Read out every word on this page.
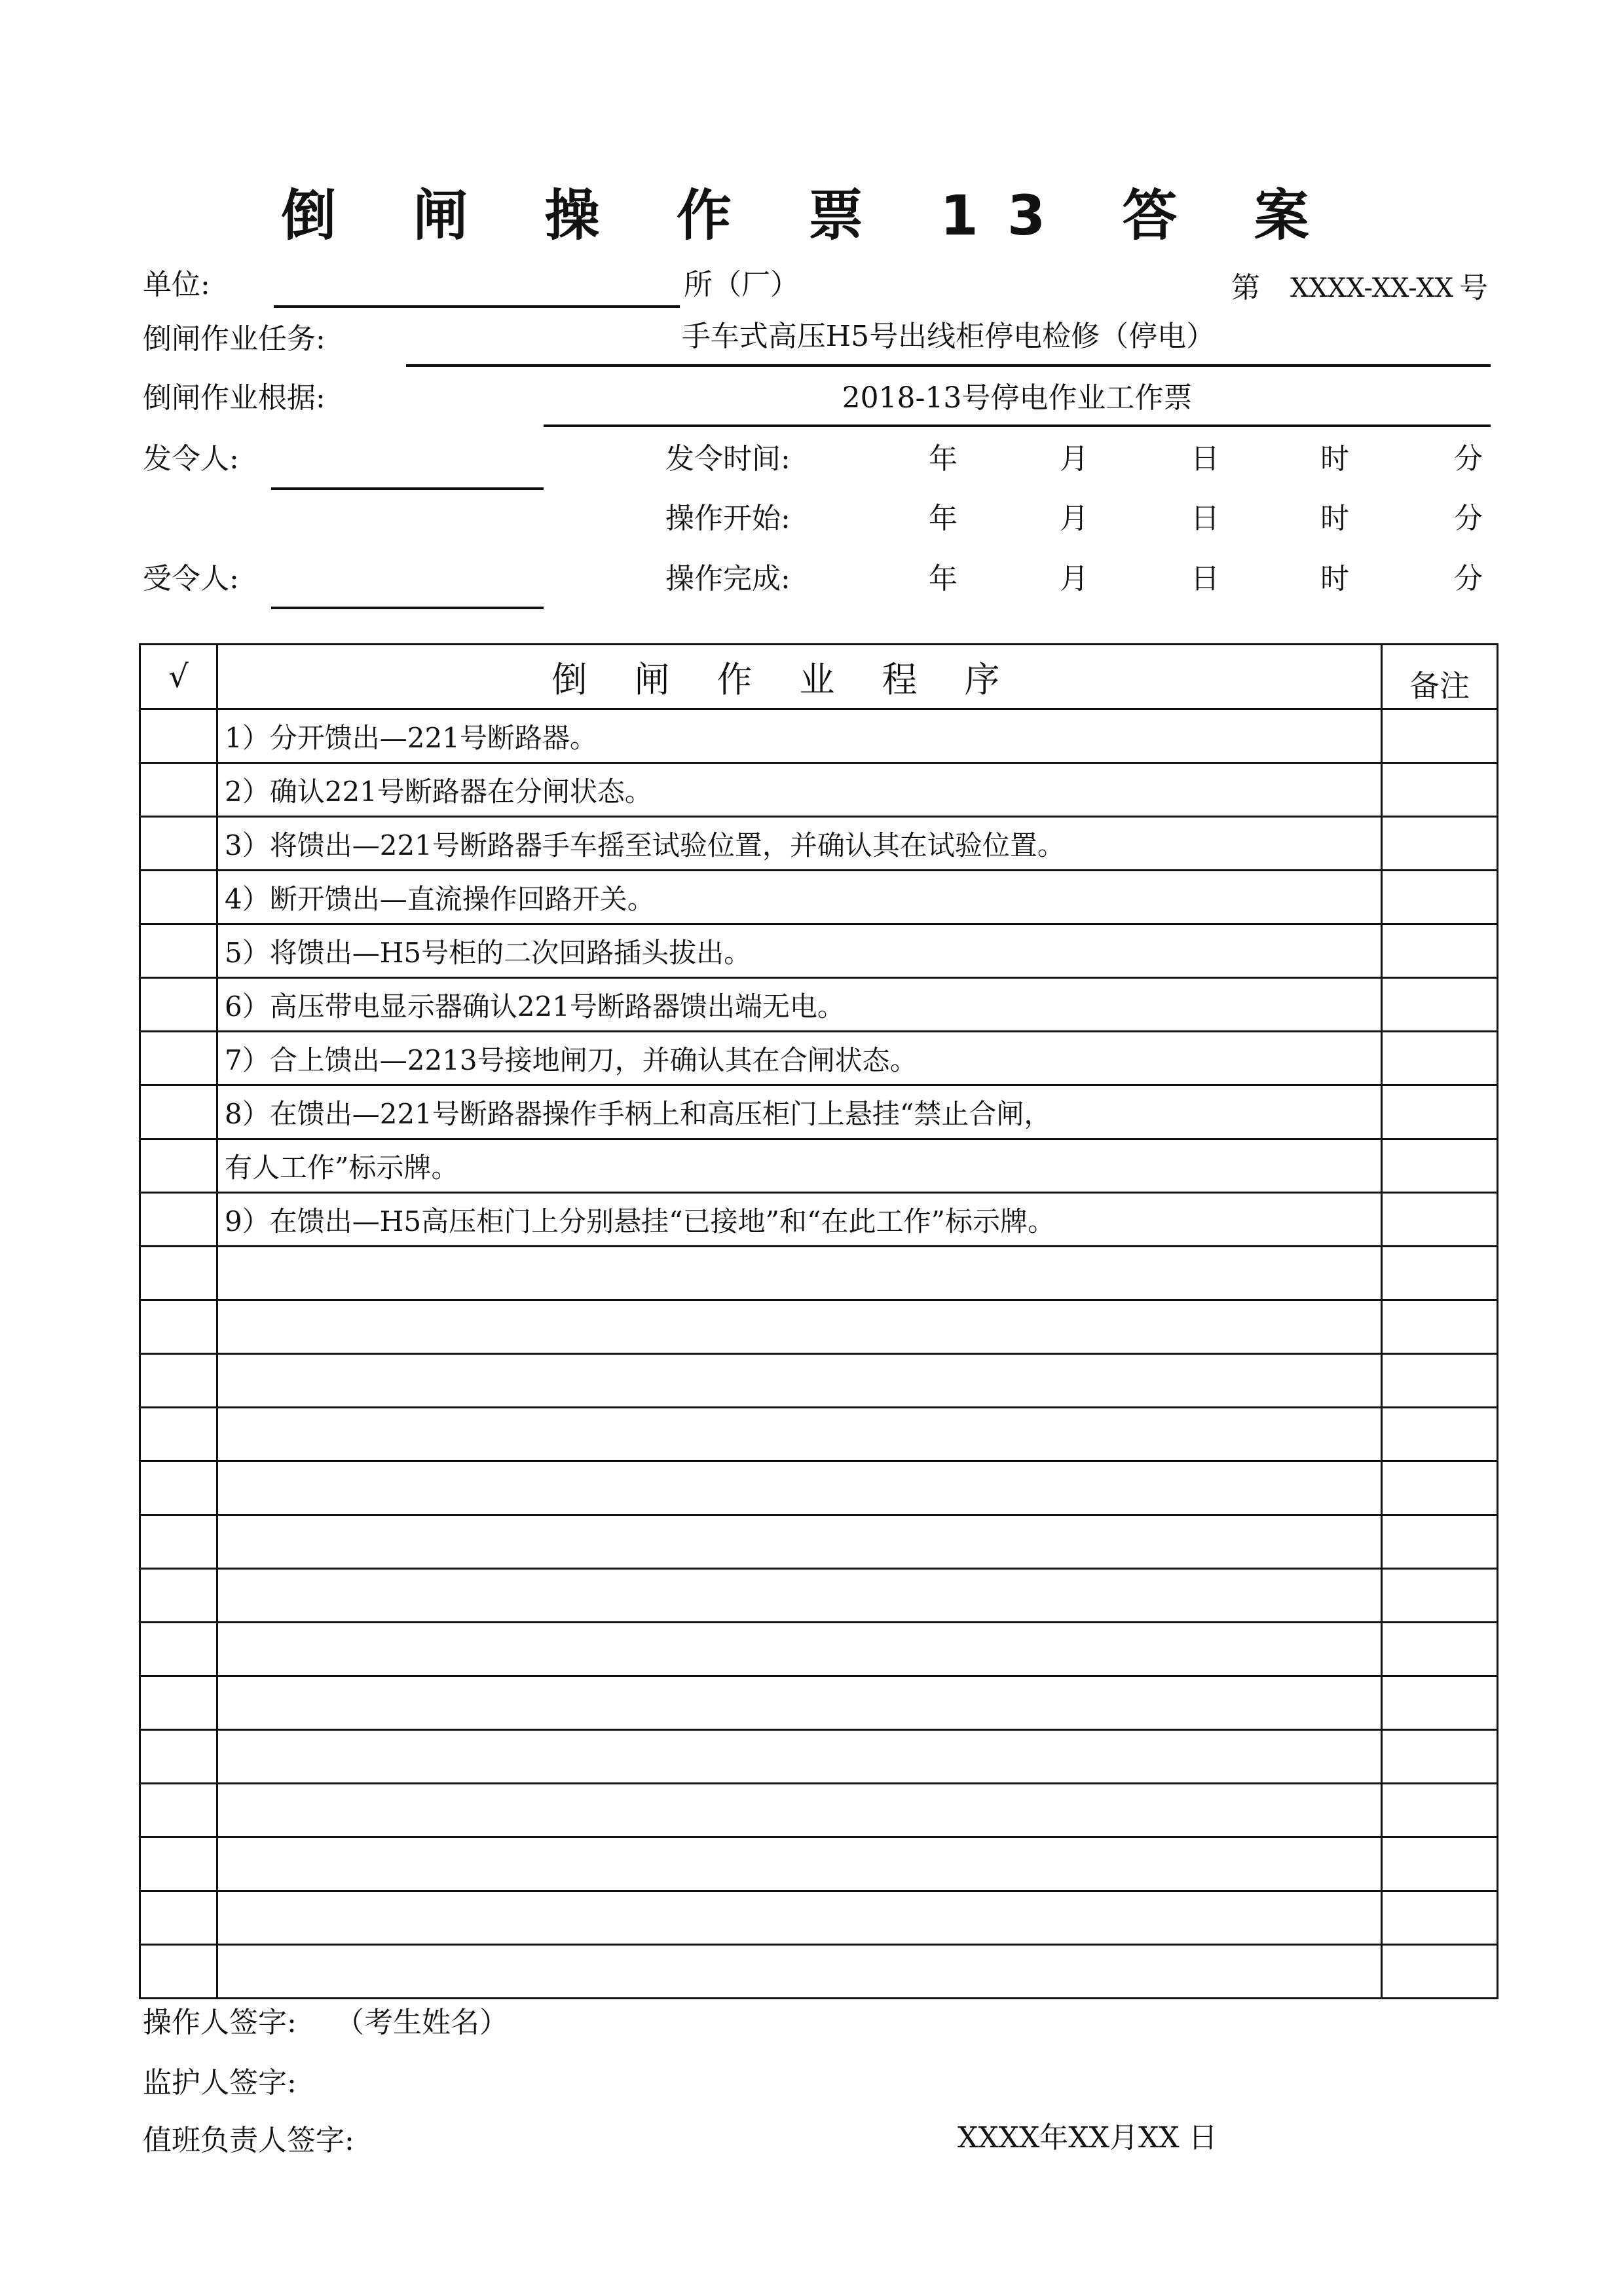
倒 闸 操 作 票 13 答 案
单位:	所（厂）	第 XXXX-XX-XX 号
倒闸作业任务:	手车式高压H5号出线柜停电检修（停电）
倒闸作业根据:	2018-13号停电作业工作票
发令人:
受令人:
发令时间:	年	月	日	时	分
操作开始:	年	月	日	时	分
操作完成:	年	月	日	时	分
√	倒闸作业程序	备注
	1）分开馈出—221号断路器。	
	2）确认221号断路器在分闸状态。	
	3）将馈出—221号断路器手车摇至试验位置，并确认其在试验位置。	
	4）断开馈出—直流操作回路开关。	
	5）将馈出—H5号柜的二次回路插头拔出。	
	6）高压带电显示器确认221号断路器馈出端无电。	
	7）合上馈出—2213号接地闸刀，并确认其在合闸状态。	
	8）在馈出—221号断路器操作手柄上和高压柜门上悬挂“禁止合闸，	
	有人工作”标示牌。	
	9）在馈出—H5高压柜门上分别悬挂“已接地”和“在此工作”标示牌。	

操作人签字: （考生姓名）
监护人签字:
值班负责人签字:	XXXX年XX月XX 日
